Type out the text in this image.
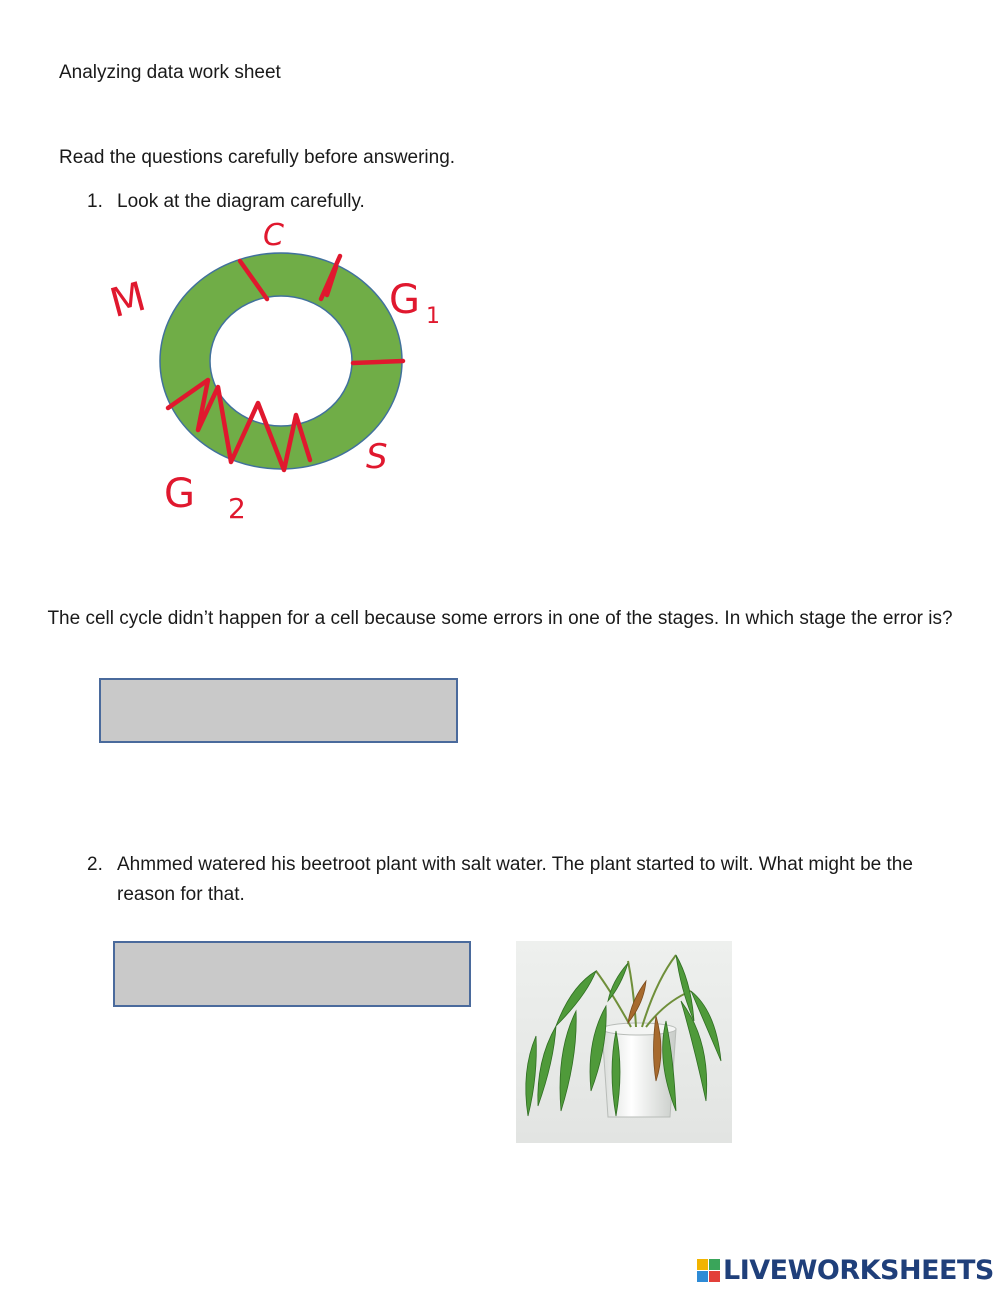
Analyzing data work sheet
Read the questions carefully before answering.
1. Look at the diagram carefully.
C
M	G 1
S
G 2
The cell cycle didn’t happen for a cell because some errors in one of the stages. In which stage the error is?
2. Ahmmed watered his beetroot plant with salt water. The plant started to wilt. What might be the reason for that.
LIVEWORKSHEETS
